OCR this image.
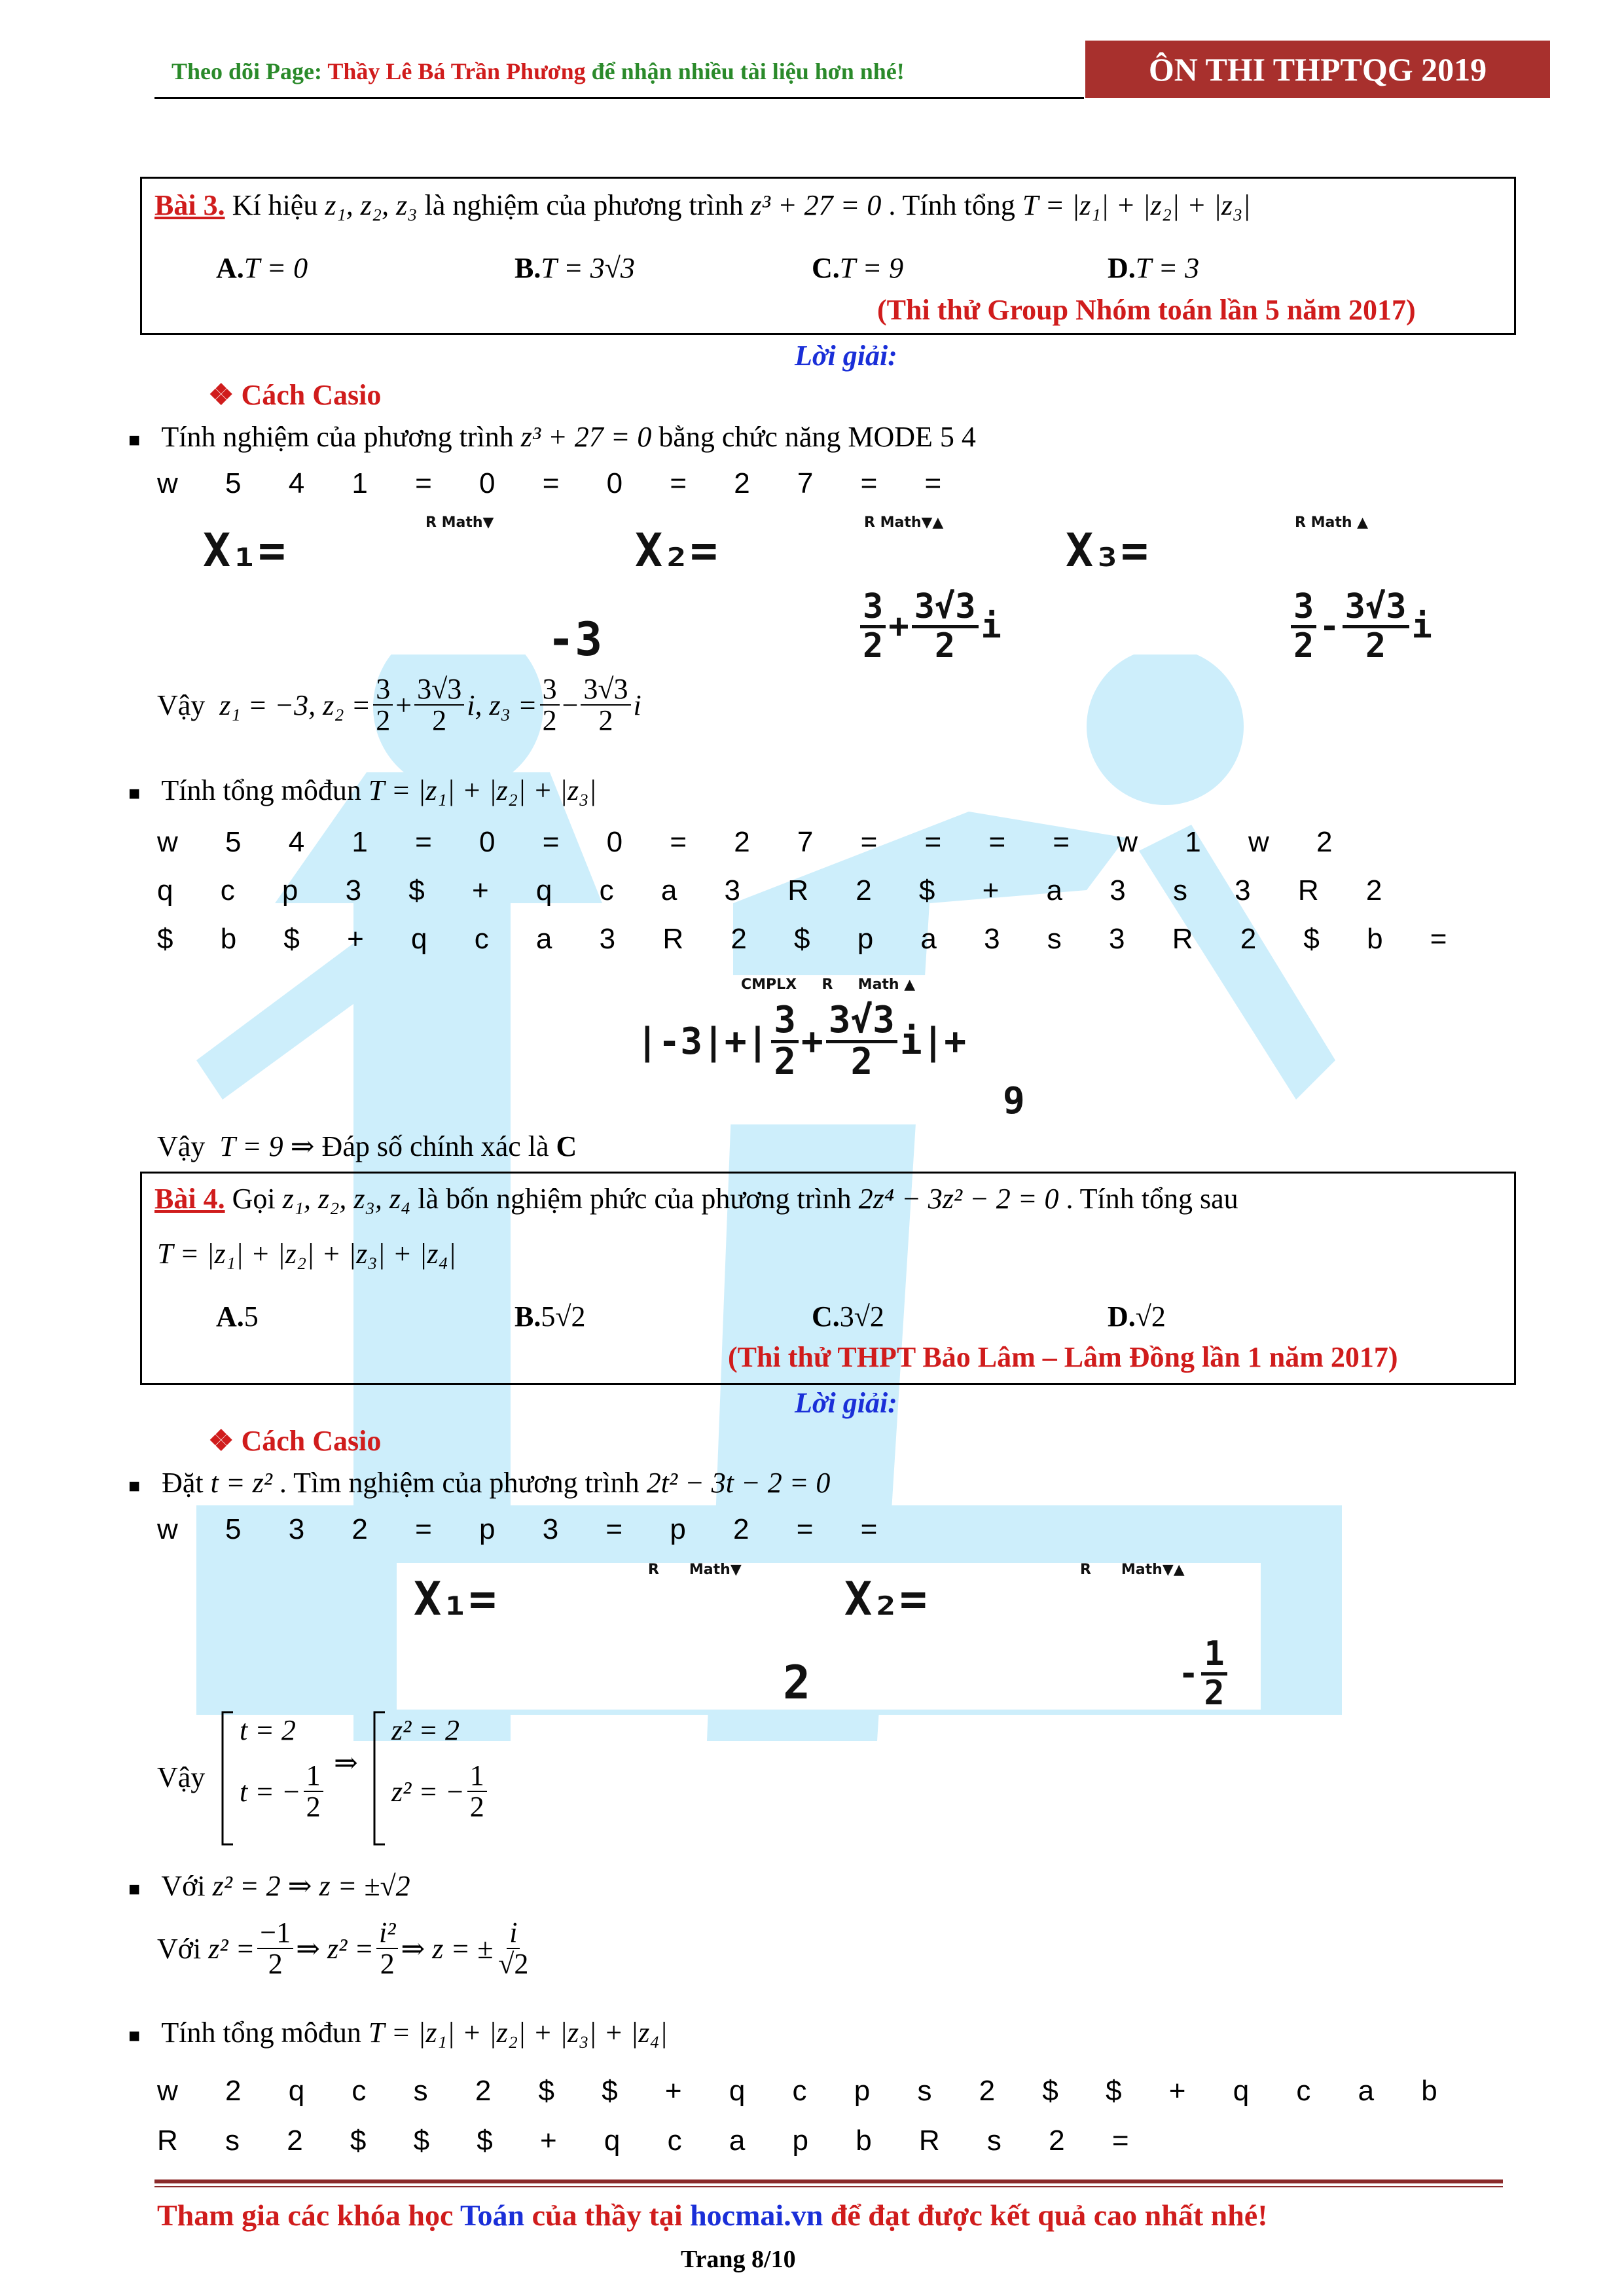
Theo dõi Page: Thầy Lê Bá Trần Phương để nhận nhiều tài liệu hơn nhé!	ÔN THI THPTQG 2019
Bài 3. Kí hiệu z₁, z₂, z₃ là nghiệm của phương trình z³ + 27 = 0 . Tính tổng T = |z₁| + |z₂| + |z₃|
A.T = 0	B.T = 3√3	C.T = 9	D.T = 3
(Thi thử Group Nhóm toán lần 5 năm 2017)
Lời giải:
❖ Cách Casio
■ Tính nghiệm của phương trình z³ + 27 = 0 bằng chức năng MODE 5 4
w 5 4 1 = 0 = 0 = 2 7 = =
X₁=
R Math▼
-3
X₂=
R Math▼▲
$\frac{3}{2} + \frac{3√3}{2}$ i
X₃=
R Math ▲
$\frac{3}{2} - \frac{3√3}{2}$ i
Vậy
z₁ = −3, $z_2 = \frac{3}{2} + \frac{3√3}{2} i$, $z_3 = \frac{3}{2} - \frac{3√3}{2}$ i
■ Tính tổng môđun T = |z₁| + |z₂| + |z₃|
w 5 4 1 = 0 = 0 = 2 7 = = = = w 1 w 2
q c p 3 $ + q c a 3 R 2 $ + a 3 s 3 R 2
$ b $ + q c a 3 R 2 $ p a 3 s 3 R 2 $ b =
CMPLX     R     Math ▲
$|-3|+| \frac{3}{2} + \frac{3√3}{2} i|+$
9
Vậy T = 9 ⇒ Đáp số chính xác là C
Bài 4. Gọi z₁, z₂, z₃, z₄ là bốn nghiệm phức của phương trình 2z⁴ − 3z² − 2 = 0 . Tính tổng sau
T = |z₁| + |z₂| + |z₃| + |z₄|
A.5	B.5√2	C.3√2	D.√2
(Thi thử THPT Bảo Lâm – Lâm Đồng lần 1 năm 2017)
Lời giải:
❖ Cách Casio
■ Đặt t = z² . Tìm nghiệm của phương trình 2t² − 3t − 2 = 0
w 5 3 2 = p 3 = p 2 = =
X₁=
R      Math▼
2
X₂=
R      Math▼▲
- $\frac{1}{2}$
Vậy
t = 2
t = − $\frac{1}{2}$ ⇒
z² = 2
z² = − $\frac{1}{2}$
■ Với z² = 2 ⇒ z = ±√2
Với
$z^2 = \frac{-1}{2}$ ⇒ $z^2 = \frac{\text{i²}}{2}$ ⇒ z = ± $\frac{i}{√2}$
■ Tính tổng môđun T = |z₁| + |z₂| + |z₃| + |z₄|
w 2 q c s 2 $ $ + q c p s 2 $ $ + q c a b
R s 2 $ $ $ + q c a p b R s 2 =
Tham gia các khóa học Toán của thầy tại hocmai.vn để đạt được kết quả cao nhất nhé!
Trang 8/10
